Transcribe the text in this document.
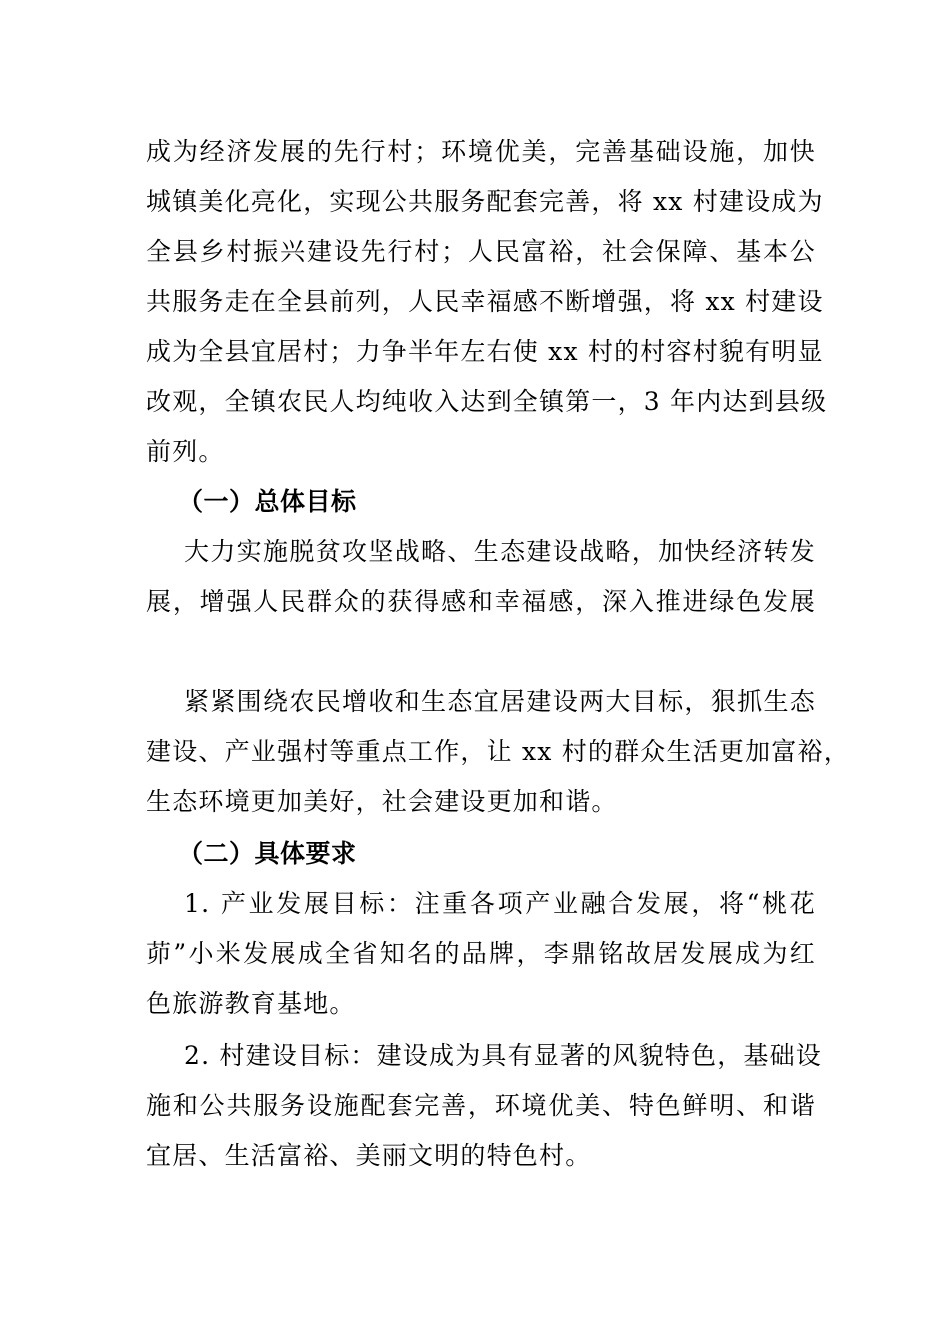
成为经济发展的先行村；环境优美，完善基础设施，加快
城镇美化亮化，实现公共服务配套完善，将 xx 村建设成为
全县乡村振兴建设先行村；人民富裕，社会保障、基本公
共服务走在全县前列，人民幸福感不断增强，将 xx 村建设
成为全县宜居村；力争半年左右使 xx 村的村容村貌有明显
改观，全镇农民人均纯收入达到全镇第一，3 年内达到县级
前列。
（一）总体目标
大力实施脱贫攻坚战略、生态建设战略，加快经济转发
展，增强人民群众的获得感和幸福感，深入推进绿色发展
紧紧围绕农民增收和生态宜居建设两大目标，狠抓生态
建设、产业强村等重点工作，让 xx 村的群众生活更加富裕，
生态环境更加美好，社会建设更加和谐。
（二）具体要求
1. 产业发展目标：注重各项产业融合发展，将“桃花
茆”小米发展成全省知名的品牌，李鼎铭故居发展成为红
色旅游教育基地。
2. 村建设目标：建设成为具有显著的风貌特色，基础设
施和公共服务设施配套完善，环境优美、特色鲜明、和谐
宜居、生活富裕、美丽文明的特色村。
